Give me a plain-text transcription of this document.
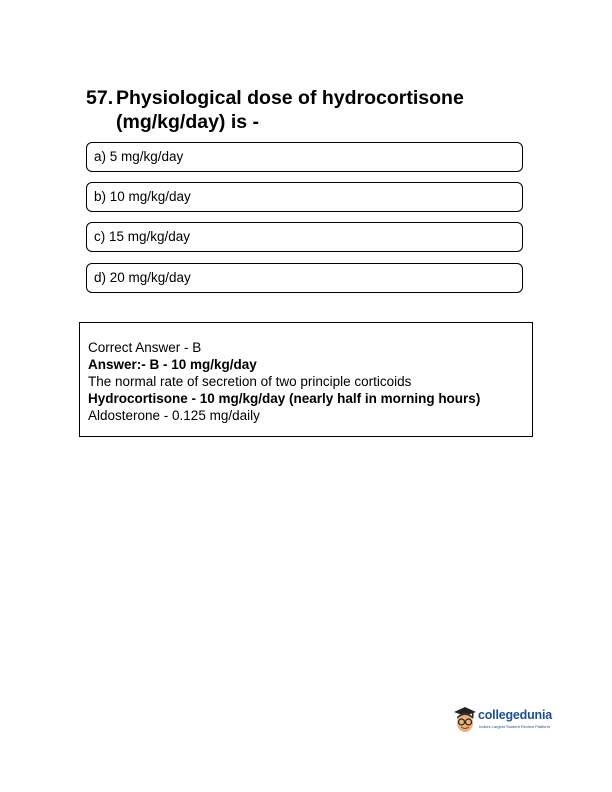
57. Physiological dose of hydrocortisone (mg/kg/day) is -
a) 5 mg/kg/day
b) 10 mg/kg/day
c) 15 mg/kg/day
d) 20 mg/kg/day
Correct Answer - B
Answer:- B - 10 mg/kg/day
The normal rate of secretion of two principle corticoids
Hydrocortisone - 10 mg/kg/day (nearly half in morning hours)
Aldosterone - 0.125 mg/daily
collegedunia
India's Largest Student Review Platform
